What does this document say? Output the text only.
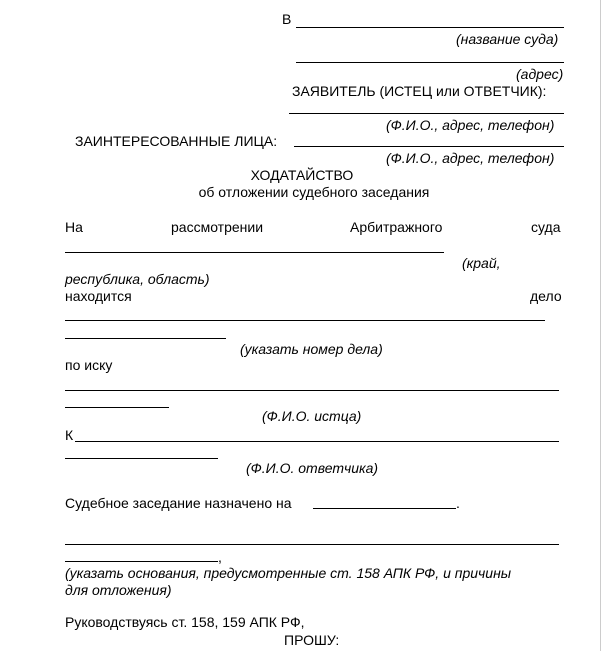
В
(название суда)
(адрес)
ЗАЯВИТЕЛЬ (ИСТЕЦ или ОТВЕТЧИК):
(Ф.И.О., адрес, телефон)
ЗАИНТЕРЕСОВАННЫЕ ЛИЦА:
(Ф.И.О., адрес, телефон)
ХОДАТАЙСТВО
об отложении судебного заседания
На	рассмотрении	Арбитражного	суда
(край,
республика, область)
находится	дело
(указать номер дела)
по иску
(Ф.И.О. истца)
К
(Ф.И.О. ответчика)
Судебное заседание назначено на	.
,
(указать основания, предусмотренные ст. 158 АПК РФ, и причины
для отложения)
Руководствуясь ст. 158, 159 АПК РФ,
ПРОШУ:
